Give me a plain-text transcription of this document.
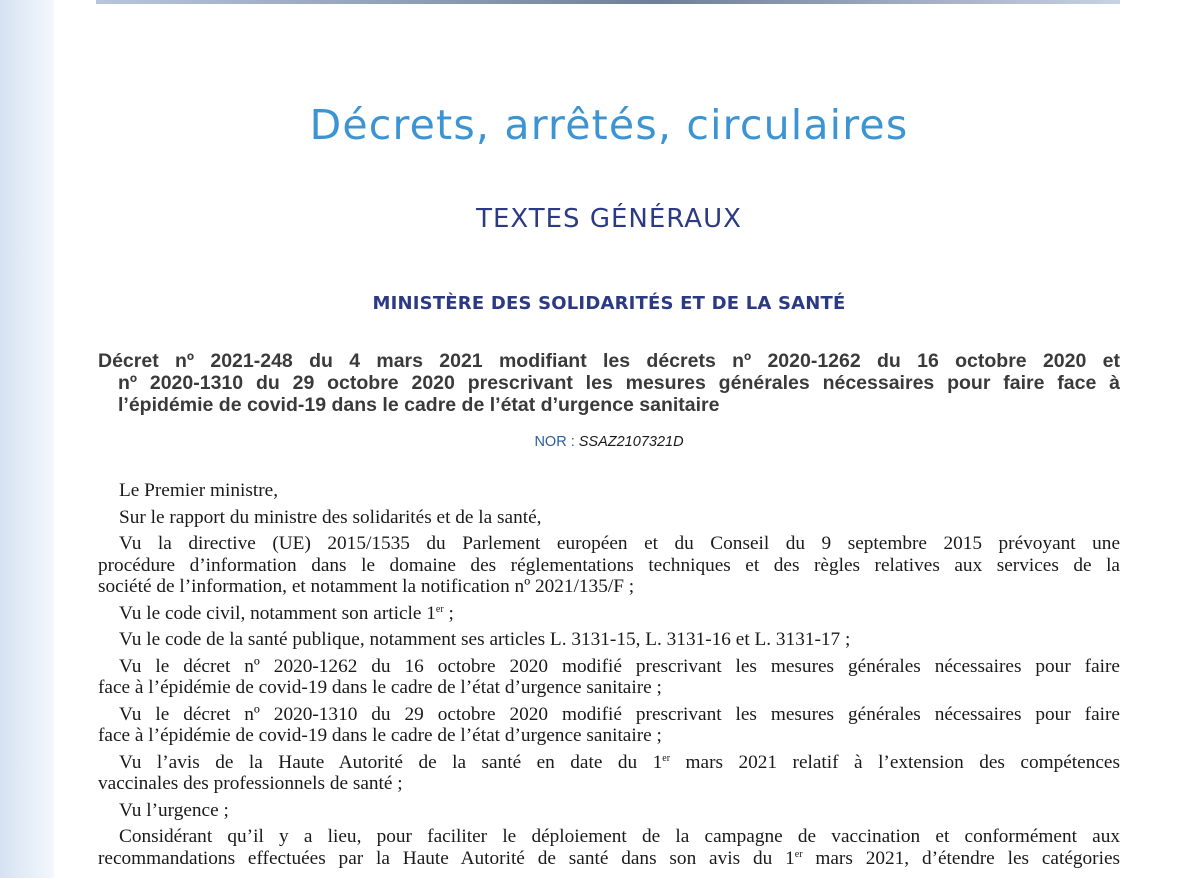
Décrets, arrêtés, circulaires
TEXTES GÉNÉRAUX
MINISTÈRE DES SOLIDARITÉS ET DE LA SANTÉ
Décret nº 2021-248 du 4 mars 2021 modifiant les décrets nº 2020-1262 du 16 octobre 2020 et
nº 2020-1310 du 29 octobre 2020 prescrivant les mesures générales nécessaires pour faire face à
l’épidémie de covid-19 dans le cadre de l’état d’urgence sanitaire
NOR : SSAZ2107321D
Le Premier ministre,
Sur le rapport du ministre des solidarités et de la santé,
Vu la directive (UE) 2015/1535 du Parlement européen et du Conseil du 9 septembre 2015 prévoyant une
procédure d’information dans le domaine des réglementations techniques et des règles relatives aux services de la
société de l’information, et notamment la notification nº 2021/135/F ;
Vu le code civil, notamment son article 1er ;
Vu le code de la santé publique, notamment ses articles L. 3131-15, L. 3131-16 et L. 3131-17 ;
Vu le décret nº 2020-1262 du 16 octobre 2020 modifié prescrivant les mesures générales nécessaires pour faire
face à l’épidémie de covid-19 dans le cadre de l’état d’urgence sanitaire ;
Vu le décret nº 2020-1310 du 29 octobre 2020 modifié prescrivant les mesures générales nécessaires pour faire
face à l’épidémie de covid-19 dans le cadre de l’état d’urgence sanitaire ;
Vu l’avis de la Haute Autorité de la santé en date du 1er mars 2021 relatif à l’extension des compétences
vaccinales des professionnels de santé ;
Vu l’urgence ;
Considérant qu’il y a lieu, pour faciliter le déploiement de la campagne de vaccination et conformément aux
recommandations effectuées par la Haute Autorité de santé dans son avis du 1er mars 2021, d’étendre les catégories
